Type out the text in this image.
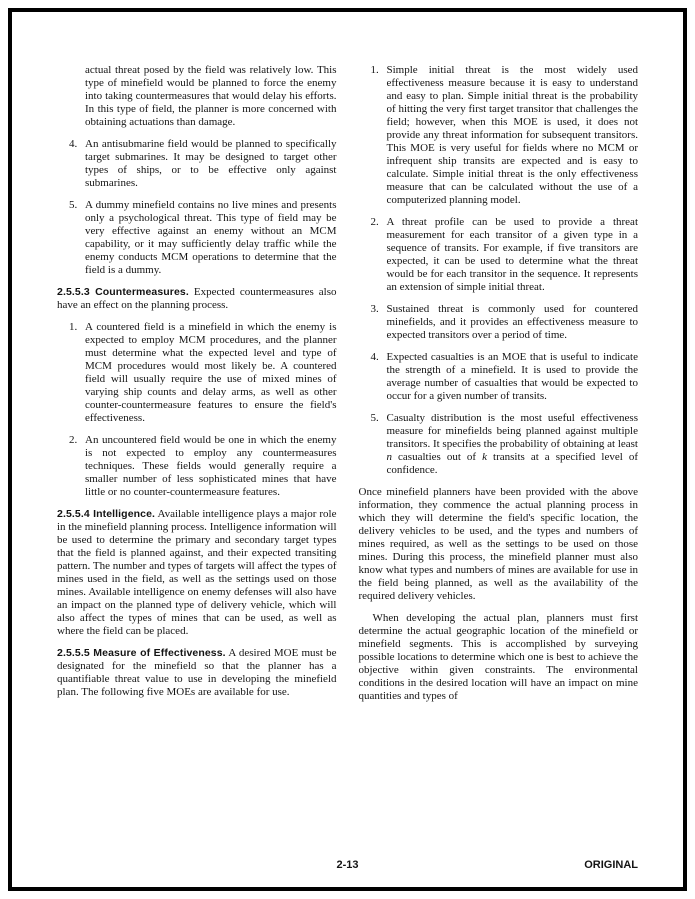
actual threat posed by the field was relatively low. This type of minefield would be planned to force the enemy into taking countermeasures that would delay his efforts. In this type of field, the planner is more concerned with obtaining actuations than damage.

4. An antisubmarine field would be planned to specifically target submarines. It may be designed to target other types of ships, or to be effective only against submarines.
5. A dummy minefield contains no live mines and presents only a psychological threat. This type of field may be very effective against an enemy without an MCM capability, or it may sufficiently delay traffic while the enemy conducts MCM operations to determine that the field is a dummy.

2.5.5.3 Countermeasures. Expected countermeasures also have an effect on the planning process.

1. A countered field is a minefield in which the enemy is expected to employ MCM procedures, and the planner must determine what the expected level and type of MCM procedures would most likely be. A countered field will usually require the use of mixed mines of varying ship counts and delay arms, as well as other counter-countermeasure features to ensure the field's effectiveness.
2. An uncountered field would be one in which the enemy is not expected to employ any countermeasures techniques. These fields would generally require a smaller number of less sophisticated mines that have little or no counter-countermeasure features.

2.5.5.4 Intelligence. Available intelligence plays a major role in the minefield planning process. Intelligence information will be used to determine the primary and secondary target types that the field is planned against, and their expected transiting pattern. The number and types of targets will affect the types of mines used in the field, as well as the settings used on those mines. Available intelligence on enemy defenses will also have an impact on the planned type of delivery vehicle, which will also affect the types of mines that can be used, as well as where the field can be placed.

2.5.5.5 Measure of Effectiveness. A desired MOE must be designated for the minefield so that the planner has a quantifiable threat value to use in developing the minefield plan. The following five MOEs are available for use.

1. Simple initial threat is the most widely used effectiveness measure because it is easy to understand and easy to plan. Simple initial threat is the probability of hitting the very first target transitor that challenges the field; however, when this MOE is used, it does not provide any threat information for subsequent transitors. This MOE is very useful for fields where no MCM or infrequent ship transits are expected and is easy to calculate. Simple initial threat is the only effectiveness measure that can be calculated without the use of a computerized planning model.
2. A threat profile can be used to provide a threat measurement for each transitor of a given type in a sequence of transits. For example, if five transitors are expected, it can be used to determine what the threat would be for each transitor in the sequence. It represents an extension of simple initial threat.
3. Sustained threat is commonly used for countered minefields, and it provides an effectiveness measure to expected transitors over a period of time.
4. Expected casualties is an MOE that is useful to indicate the strength of a minefield. It is used to provide the average number of casualties that would be expected to occur for a given number of transits.
5. Casualty distribution is the most useful effectiveness measure for minefields being planned against multiple transitors. It specifies the probability of obtaining at least n casualties out of k transits at a specified level of confidence.

Once minefield planners have been provided with the above information, they commence the actual planning process in which they will determine the field's specific location, the delivery vehicles to be used, and the types and numbers of mines required, as well as the settings to be used on those mines. During this process, the minefield planner must also know what types and numbers of mines are available for use in the field being planned, as well as the availability of the required delivery vehicles.

When developing the actual plan, planners must first determine the actual geographic location of the minefield or minefield segments. This is accomplished by surveying possible locations to determine which one is best to achieve the objective within given constraints. The environmental conditions in the desired location will have an impact on mine quantities and types of

2-13	ORIGINAL
